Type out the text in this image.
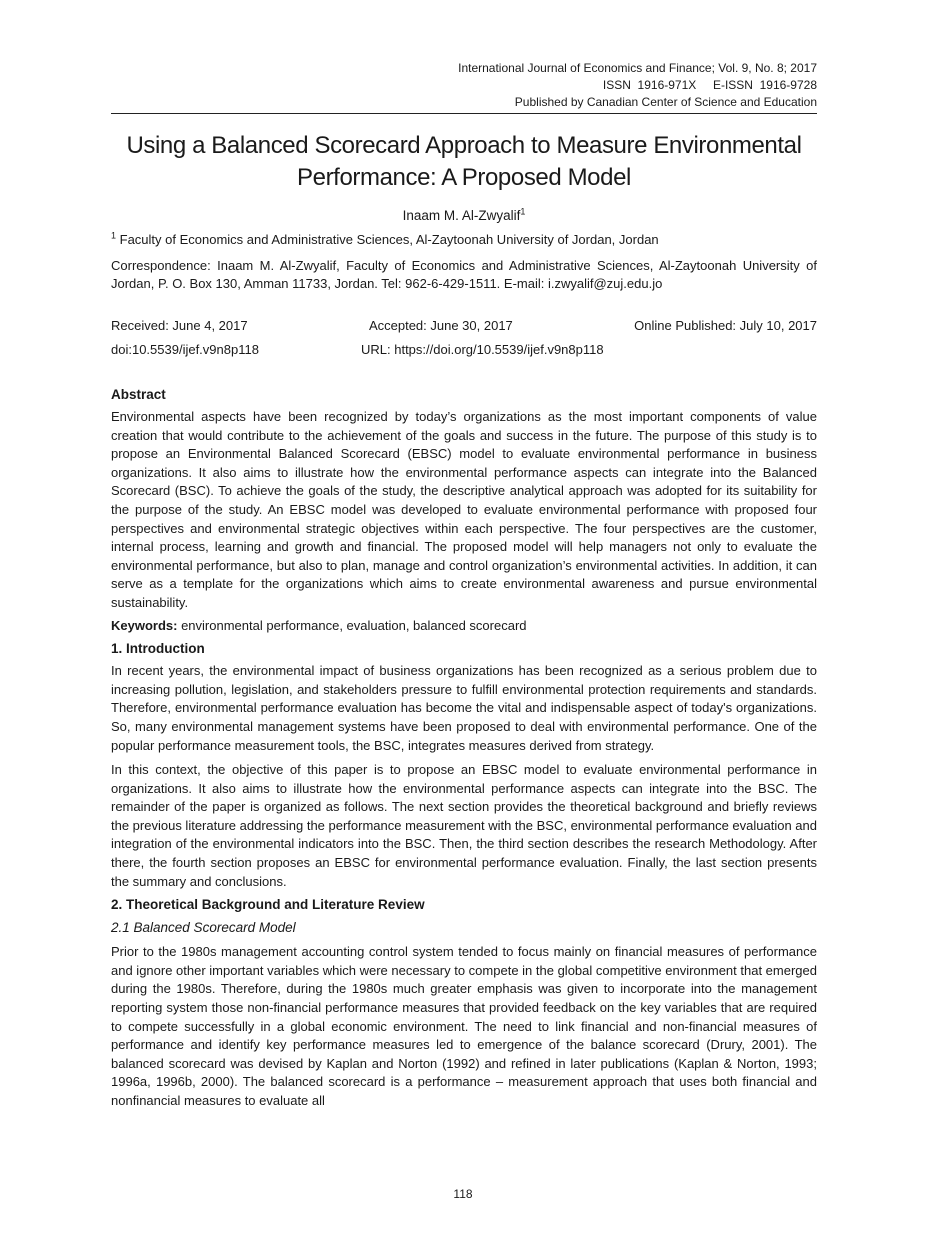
International Journal of Economics and Finance; Vol. 9, No. 8; 2017
ISSN  1916-971X     E-ISSN  1916-9728
Published by Canadian Center of Science and Education
Using a Balanced Scorecard Approach to Measure Environmental
Performance: A Proposed Model
Inaam M. Al-Zwyalif$^1$
$^1$ Faculty of Economics and Administrative Sciences, Al-Zaytoonah University of Jordan, Jordan
Correspondence: Inaam M. Al-Zwyalif, Faculty of Economics and Administrative Sciences, Al-Zaytoonah University of Jordan, P. O. Box 130, Amman 11733, Jordan. Tel: 962-6-429-1511. E-mail: i.zwyalif@zuj.edu.jo
Received: June 4, 2017	Accepted: June 30, 2017	Online Published: July 10, 2017
doi:10.5539/ijef.v9n8p118	URL: https://doi.org/10.5539/ijef.v9n8p118
Abstract

Environmental aspects have been recognized by today’s organizations as the most important components of value creation that would contribute to the achievement of the goals and success in the future. The purpose of this study is to propose an Environmental Balanced Scorecard (EBSC) model to evaluate environmental performance in business organizations. It also aims to illustrate how the environmental performance aspects can integrate into the Balanced Scorecard (BSC). To achieve the goals of the study, the descriptive analytical approach was adopted for its suitability for the purpose of the study. An EBSC model was developed to evaluate environmental performance with proposed four perspectives and environmental strategic objectives within each perspective. The four perspectives are the customer, internal process, learning and growth and financial. The proposed model will help managers not only to evaluate the environmental performance, but also to plan, manage and control organization’s environmental activities. In addition, it can serve as a template for the organizations which aims to create environmental awareness and pursue environmental sustainability.

Keywords: environmental performance, evaluation, balanced scorecard
1. Introduction

In recent years, the environmental impact of business organizations has been recognized as a serious problem due to increasing pollution, legislation, and stakeholders pressure to fulfill environmental protection requirements and standards. Therefore, environmental performance evaluation has become the vital and indispensable aspect of today's organizations. So, many environmental management systems have been proposed to deal with environmental performance. One of the popular performance measurement tools, the BSC, integrates measures derived from strategy.

In this context, the objective of this paper is to propose an EBSC model to evaluate environmental performance in organizations. It also aims to illustrate how the environmental performance aspects can integrate into the BSC. The remainder of the paper is organized as follows. The next section provides the theoretical background and briefly reviews the previous literature addressing the performance measurement with the BSC, environmental performance evaluation and integration of the environmental indicators into the BSC. Then, the third section describes the research Methodology. After there, the fourth section proposes an EBSC for environmental performance evaluation. Finally, the last section presents the summary and conclusions.

2. Theoretical Background and Literature Review
2.1 Balanced Scorecard Model

Prior to the 1980s management accounting control system tended to focus mainly on financial measures of performance and ignore other important variables which were necessary to compete in the global competitive environment that emerged during the 1980s. Therefore, during the 1980s much greater emphasis was given to incorporate into the management reporting system those non-financial performance measures that provided feedback on the key variables that are required to compete successfully in a global economic environment. The need to link financial and non-financial measures of performance and identify key performance measures led to emergence of the balance scorecard (Drury, 2001). The balanced scorecard was devised by Kaplan and Norton (1992) and refined in later publications (Kaplan & Norton, 1993; 1996a, 1996b, 2000). The balanced scorecard is a performance – measurement approach that uses both financial and nonfinancial measures to evaluate all

118
